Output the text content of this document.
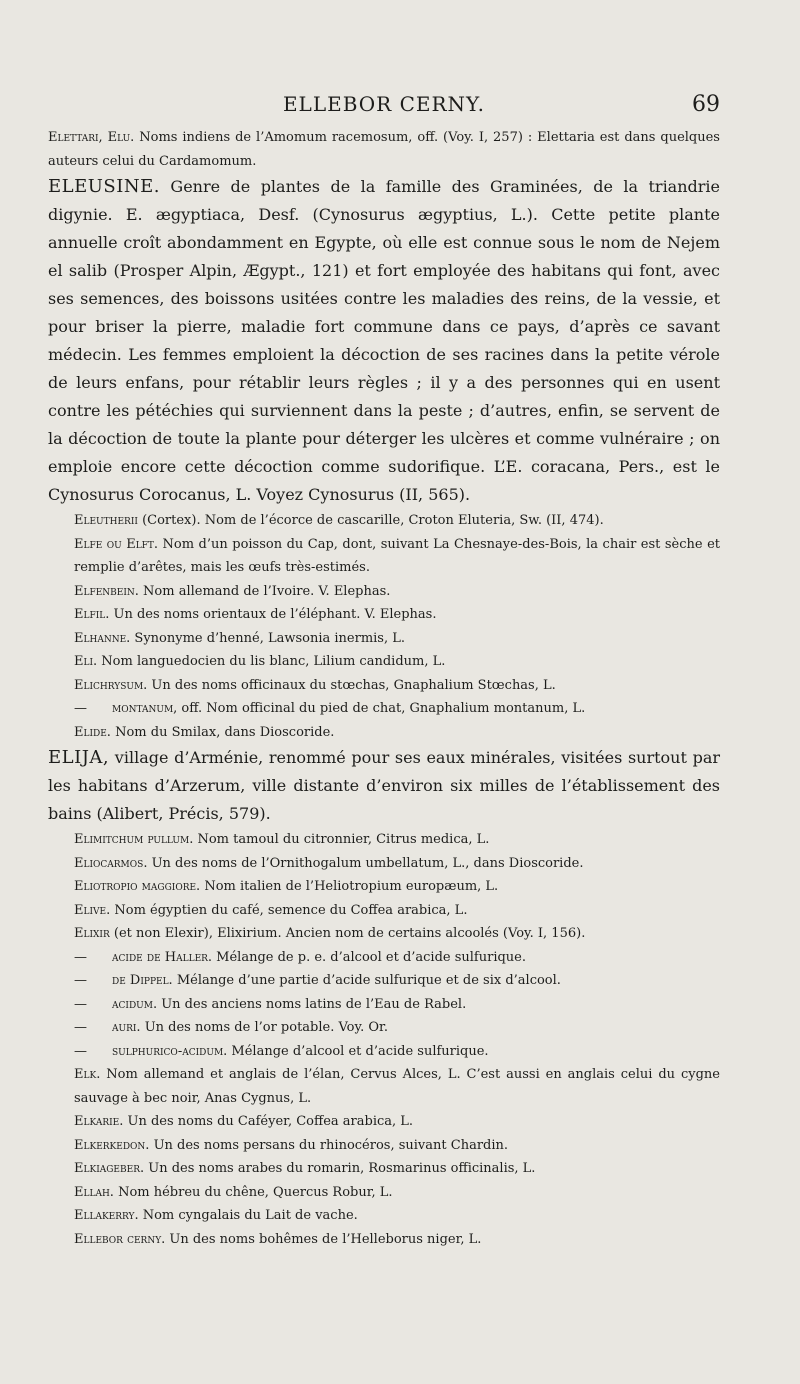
ELLEBOR CERNY.	69

Elettari, Elu. Noms indiens de l’Amomum racemosum, off. (Voy. I, 257) : Elettaria est dans quelques auteurs celui du Cardamomum.

ELEUSINE. Genre de plantes de la famille des Graminées, de la triandrie digynie. E. ægyptiaca, Desf. (Cynosurus ægyptius, L.). Cette petite plante annuelle croît abondamment en Egypte, où elle est connue sous le nom de Nejem el salib (Prosper Alpin, Ægypt., 121) et fort employée des habitans qui font, avec ses semences, des boissons usitées contre les maladies des reins, de la vessie, et pour briser la pierre, maladie fort commune dans ce pays, d’après ce savant médecin. Les femmes emploient la décoction de ses racines dans la petite vérole de leurs enfans, pour rétablir leurs règles ; il y a des personnes qui en usent contre les pétéchies qui surviennent dans la peste ; d’autres, enfin, se servent de la décoction de toute la plante pour déterger les ulcères et comme vulnéraire ; on emploie encore cette décoction comme sudorifique. L’E. coracana, Pers., est le Cynosurus Corocanus, L. Voyez Cynosurus (II, 565).

Eleutherii (Cortex). Nom de l’écorce de cascarille, Croton Eluteria, Sw. (II, 474).

Elfe ou Elft. Nom d’un poisson du Cap, dont, suivant La Chesnaye-des-Bois, la chair est sèche et remplie d’arêtes, mais les œufs très-estimés.

Elfenbein. Nom allemand de l’Ivoire. V. Elephas.

Elfil. Un des noms orientaux de l’éléphant. V. Elephas.

Elhanne. Synonyme d’henné, Lawsonia inermis, L.

Eli. Nom languedocien du lis blanc, Lilium candidum, L.

Elichrysum. Un des noms officinaux du stœchas, Gnaphalium Stœchas, L.

— montanum, off. Nom officinal du pied de chat, Gnaphalium montanum, L.

Elide. Nom du Smilax, dans Dioscoride.

ELIJA, village d’Arménie, renommé pour ses eaux minérales, visitées surtout par les habitans d’Arzerum, ville distante d’environ six milles de l’établissement des bains (Alibert, Précis, 579).

Elimitchum pullum. Nom tamoul du citronnier, Citrus medica, L.

Eliocarmos. Un des noms de l’Ornithogalum umbellatum, L., dans Dioscoride.

Eliotropio maggiore. Nom italien de l’Heliotropium europæum, L.

Elive. Nom égyptien du café, semence du Coffea arabica, L.

Elixir (et non Elexir), Elixirium. Ancien nom de certains alcoolés (Voy. I, 156).

— acide de Haller. Mélange de p. e. d’alcool et d’acide sulfurique.

— de Dippel. Mélange d’une partie d’acide sulfurique et de six d’alcool.

— acidum. Un des anciens noms latins de l’Eau de Rabel.

— auri. Un des noms de l’or potable. Voy. Or.

— sulphurico-acidum. Mélange d’alcool et d’acide sulfurique.

Elk. Nom allemand et anglais de l’élan, Cervus Alces, L. C’est aussi en anglais celui du cygne sauvage à bec noir, Anas Cygnus, L.

Elkarie. Un des noms du Caféyer, Coffea arabica, L.

Elkerkedon. Un des noms persans du rhinocéros, suivant Chardin.

Elkiageber. Un des noms arabes du romarin, Rosmarinus officinalis, L.

Ellah. Nom hébreu du chêne, Quercus Robur, L.

Ellakerry. Nom cyngalais du Lait de vache.

Ellebor cerny. Un des noms bohêmes de l’Helleborus niger, L.
